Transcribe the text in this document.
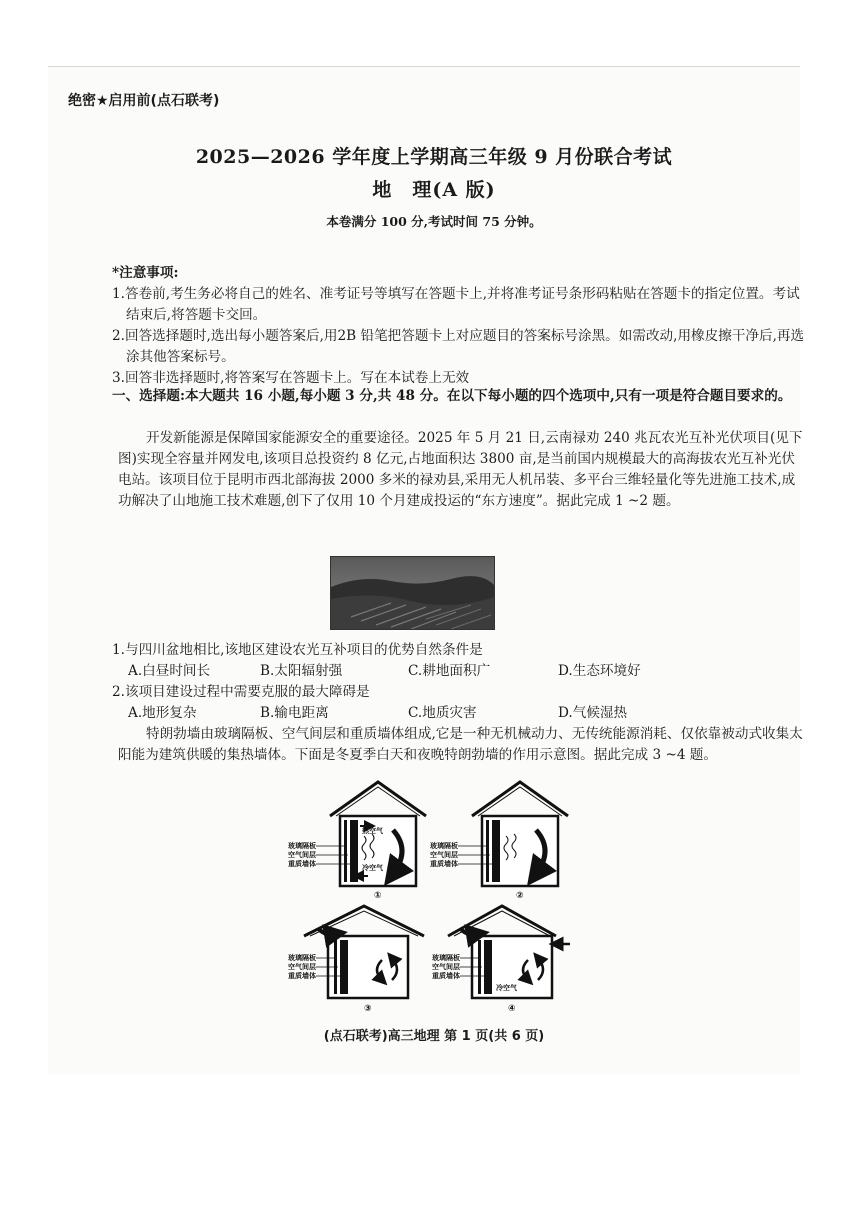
绝密★启用前(点石联考)
2025—2026 学年度上学期高三年级 9 月份联合考试
地　理(A 版)
本卷满分 100 分,考试时间 75 分钟。
*注意事项:
1.答卷前,考生务必将自己的姓名、准考证号等填写在答题卡上,并将准考证号条形码粘贴在答题卡的指定位置。考试结束后,将答题卡交回。
2.回答选择题时,选出每小题答案后,用2B 铅笔把答题卡上对应题目的答案标号涂黑。如需改动,用橡皮擦干净后,再选涂其他答案标号。
3.回答非选择题时,将答案写在答题卡上。写在本试卷上无效
一、选择题:本大题共 16 小题,每小题 3 分,共 48 分。在以下每小题的四个选项中,只有一项是符合题目要求的。
开发新能源是保障国家能源安全的重要途径。2025 年 5 月 21 日,云南禄劝 240 兆瓦农光互补光伏项目(见下图)实现全容量并网发电,该项目总投资约 8 亿元,占地面积达 3800 亩,是当前国内规模最大的高海拔农光互补光伏电站。该项目位于昆明市西北部海拔 2000 多米的禄劝县,采用无人机吊装、多平台三维轻量化等先进施工技术,成功解决了山地施工技术难题,创下了仅用 10 个月建成投运的“东方速度”。据此完成 1 ~2 题。
1.与四川盆地相比,该地区建设农光互补项目的优势自然条件是
A.白昼时间长	B.太阳辐射强	C.耕地面积广	D.生态环境好
2.该项目建设过程中需要克服的最大障碍是
A.地形复杂	B.输电距离	C.地质灾害	D.气候湿热
特朗勃墙由玻璃隔板、空气间层和重质墙体组成,它是一种无机械动力、无传统能源消耗、仅依靠被动式收集太阳能为建筑供暖的集热墙体。下面是冬夏季白天和夜晚特朗勃墙的作用示意图。据此完成 3 ~4 题。
热空气
冷空气
玻璃隔板
空气间层
重质墙体
①
玻璃隔板
空气间层
重质墙体
②
玻璃隔板
空气间层
重质墙体
③
冷空气
玻璃隔板
空气间层
重质墙体
④
(点石联考)高三地理 第 1 页(共 6 页)
